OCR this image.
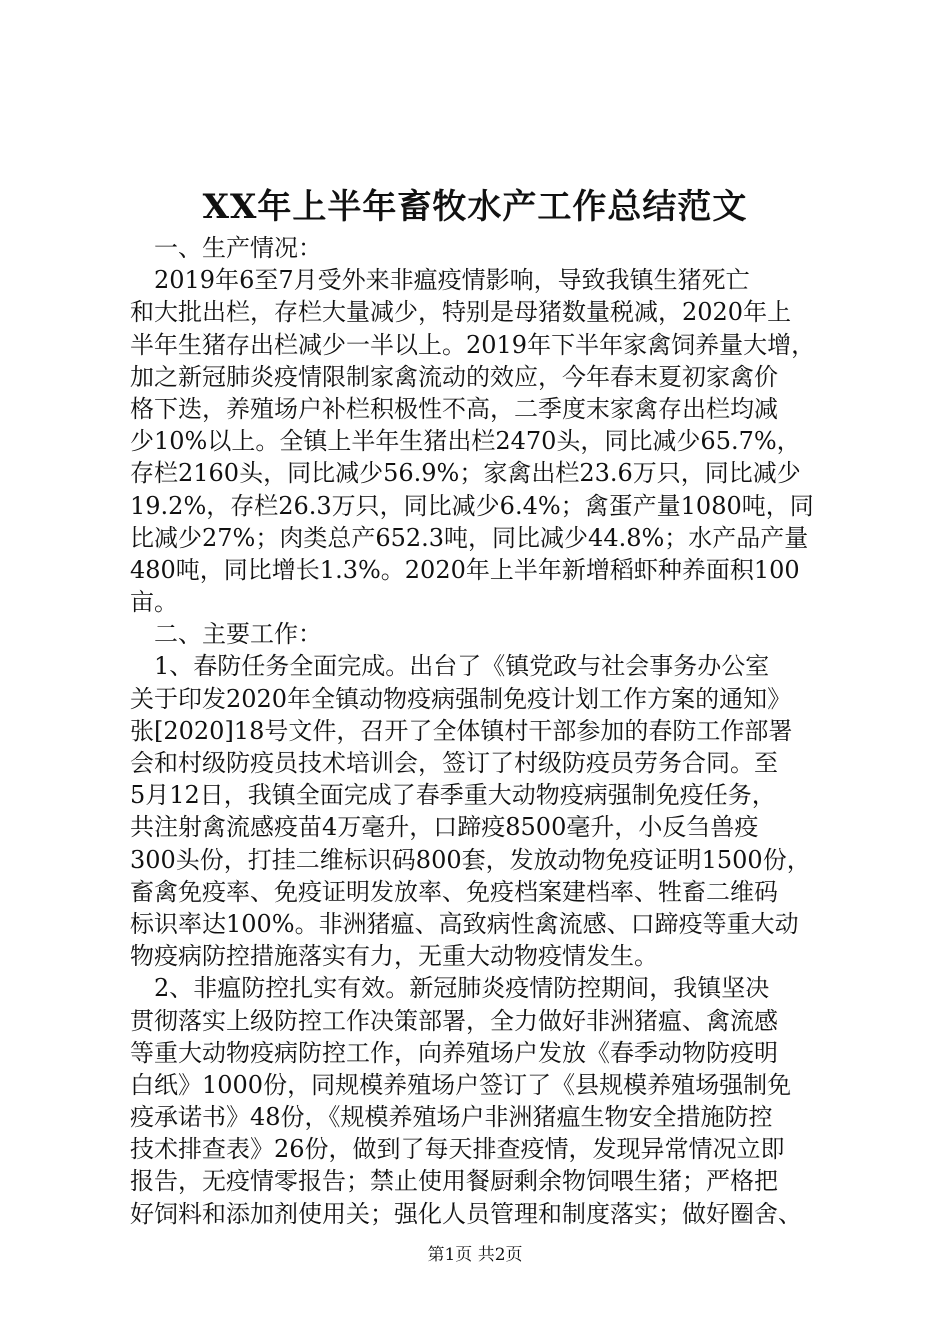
XX年上半年畜牧水产工作总结范文
　一、生产情况：
　2019年6至7月受外来非瘟疫情影响，导致我镇生猪死亡
和大批出栏，存栏大量减少，特别是母猪数量税减，2020年上
半年生猪存出栏减少一半以上。2019年下半年家禽饲养量大增，
加之新冠肺炎疫情限制家禽流动的效应，今年春末夏初家禽价
格下迭，养殖场户补栏积极性不高，二季度末家禽存出栏均减
少10%以上。全镇上半年生猪出栏2470头，同比减少65.7%，
存栏2160头，同比减少56.9%；家禽出栏23.6万只，同比减少
19.2%，存栏26.3万只，同比减少6.4%；禽蛋产量1080吨，同
比减少27%；肉类总产652.3吨，同比减少44.8%；水产品产量
480吨，同比增长1.3%。2020年上半年新增稻虾种养面积100
亩。
　二、主要工作：
　1、春防任务全面完成。出台了《镇党政与社会事务办公室
关于印发2020年全镇动物疫病强制免疫计划工作方案的通知》
张[2020]18号文件，召开了全体镇村干部参加的春防工作部署
会和村级防疫员技术培训会，签订了村级防疫员劳务合同。至
5月12日，我镇全面完成了春季重大动物疫病强制免疫任务，
共注射禽流感疫苗4万毫升，口蹄疫8500毫升，小反刍兽疫
300头份，打挂二维标识码800套，发放动物免疫证明1500份，
畜禽免疫率、免疫证明发放率、免疫档案建档率、牲畜二维码
标识率达100%。非洲猪瘟、高致病性禽流感、口蹄疫等重大动
物疫病防控措施落实有力，无重大动物疫情发生。
　2、非瘟防控扎实有效。新冠肺炎疫情防控期间，我镇坚决
贯彻落实上级防控工作决策部署，全力做好非洲猪瘟、禽流感
等重大动物疫病防控工作，向养殖场户发放《春季动物防疫明
白纸》1000份，同规模养殖场户签订了《县规模养殖场强制免
疫承诺书》48份，《规模养殖场户非洲猪瘟生物安全措施防控
技术排查表》26份，做到了每天排查疫情，发现异常情况立即
报告，无疫情零报告；禁止使用餐厨剩余物饲喂生猪；严格把
好饲料和添加剂使用关；强化人员管理和制度落实；做好圈舍、
第1页 共2页
